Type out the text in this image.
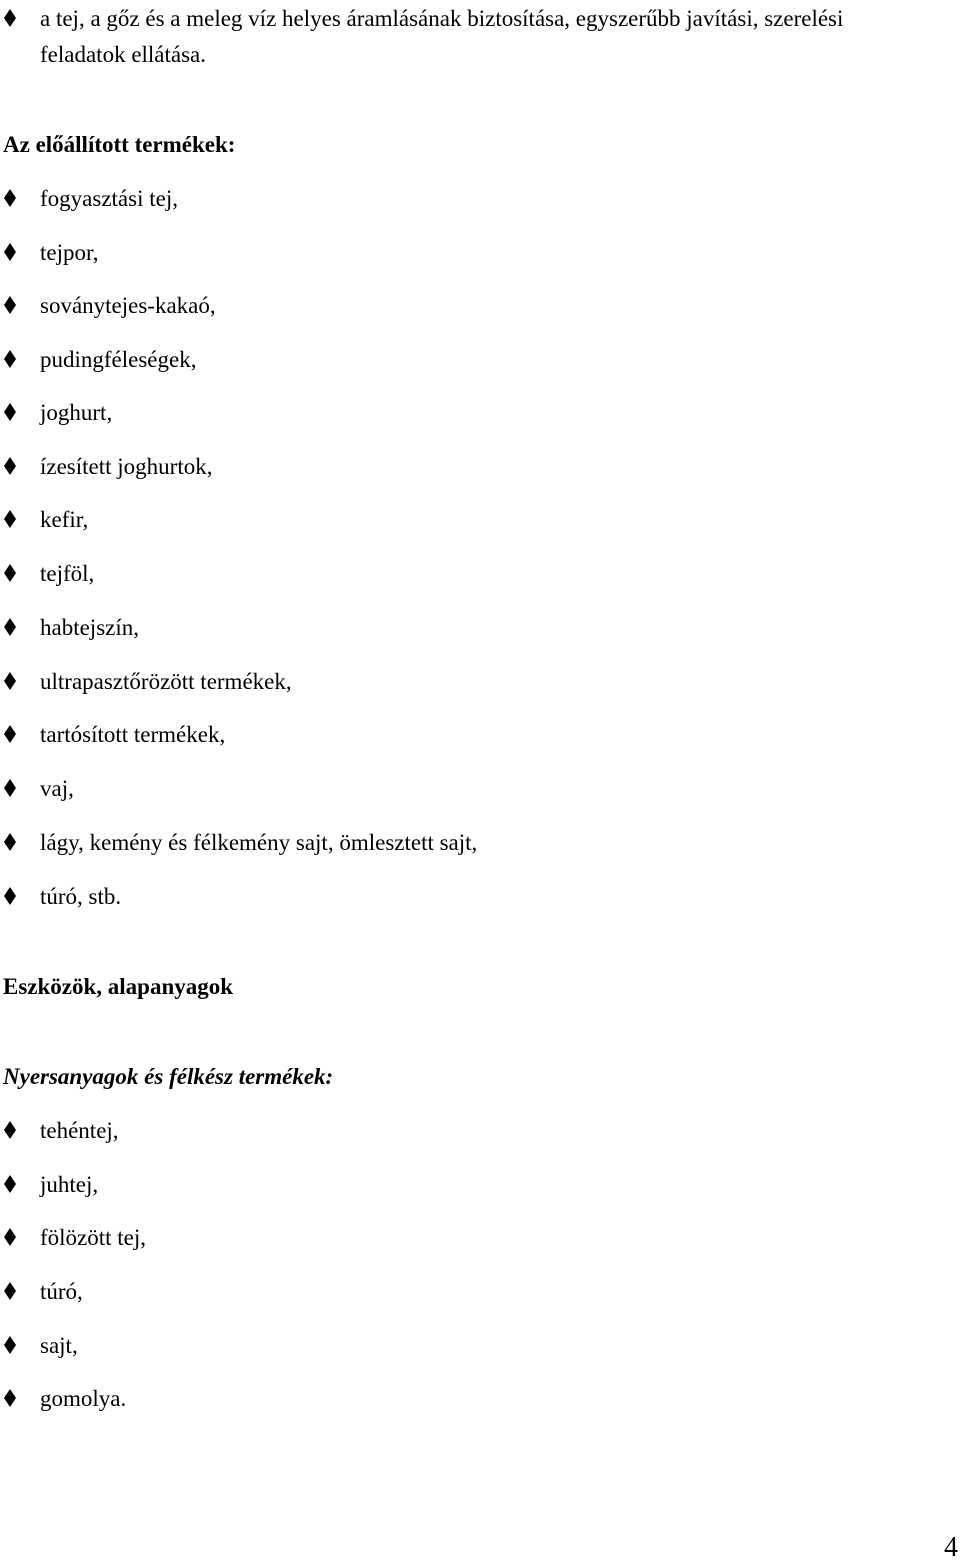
a tej, a gőz és a meleg víz helyes áramlásának biztosítása, egyszerűbb javítási, szerelési
feladatok ellátása.
Az előállított termékek:
fogyasztási tej,
tejpor,
soványtejes-kakaó,
pudingféleségek,
joghurt,
ízesített joghurtok,
kefir,
tejföl,
habtejszín,
ultrapasztőrözött termékek,
tartósított termékek,
vaj,
lágy, kemény és félkemény sajt, ömlesztett sajt,
túró, stb.
Eszközök, alapanyagok
Nyersanyagok és félkész termékek:
tehéntej,
juhtej,
fölözött tej,
túró,
sajt,
gomolya.
4
